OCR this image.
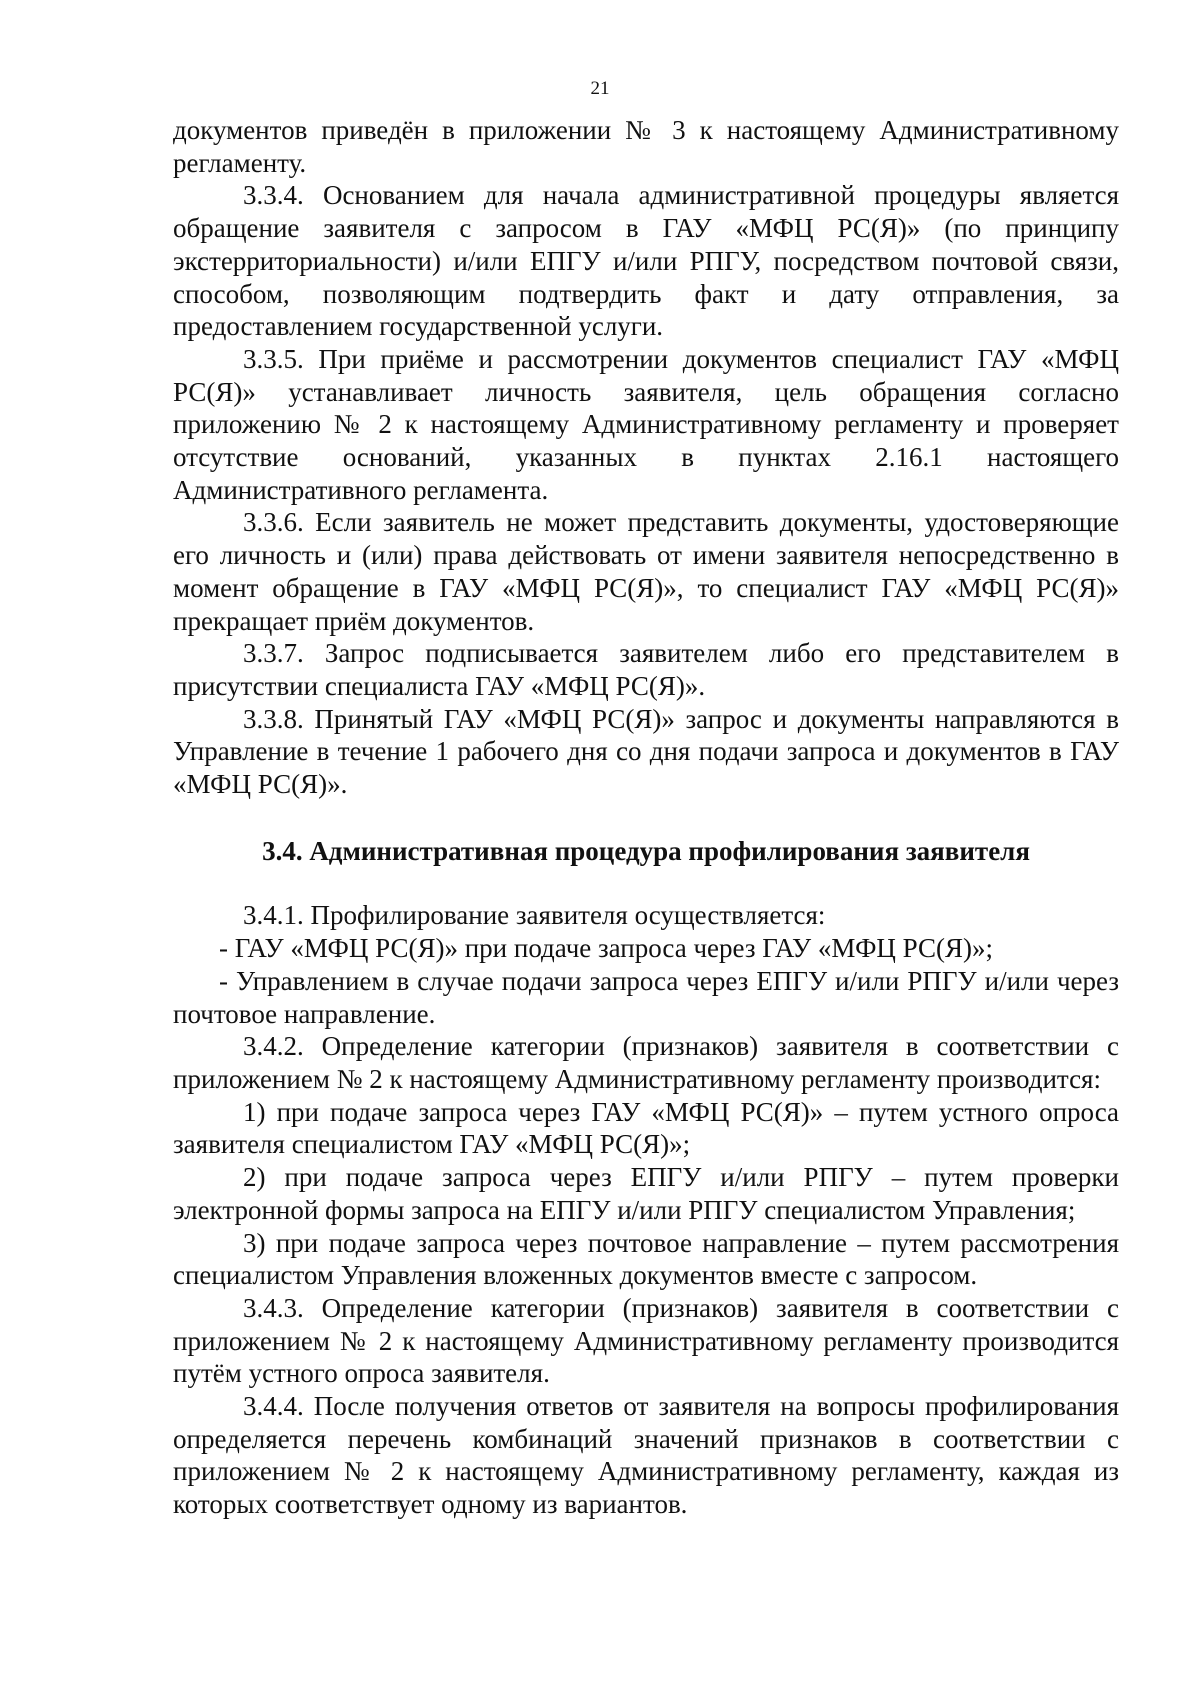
21

документов приведён в приложении № 3 к настоящему Административному регламенту.

3.3.4. Основанием для начала административной процедуры является обращение заявителя с запросом в ГАУ «МФЦ РС(Я)» (по принципу экстерриториальности) и/или ЕПГУ и/или РПГУ, посредством почтовой связи, способом, позволяющим подтвердить факт и дату отправления, за предоставлением государственной услуги.

3.3.5. При приёме и рассмотрении документов специалист ГАУ «МФЦ РС(Я)» устанавливает личность заявителя, цель обращения согласно приложению № 2 к настоящему Административному регламенту и проверяет отсутствие оснований, указанных в пунктах 2.16.1 настоящего Административного регламента.

3.3.6. Если заявитель не может представить документы, удостоверяющие его личность и (или) права действовать от имени заявителя непосредственно в момент обращение в ГАУ «МФЦ РС(Я)», то специалист ГАУ «МФЦ РС(Я)» прекращает приём документов.

3.3.7. Запрос подписывается заявителем либо его представителем в присутствии специалиста ГАУ «МФЦ РС(Я)».

3.3.8. Принятый ГАУ «МФЦ РС(Я)» запрос и документы направляются в Управление в течение 1 рабочего дня со дня подачи запроса и документов в ГАУ «МФЦ РС(Я)».

3.4. Административная процедура профилирования заявителя

3.4.1. Профилирование заявителя осуществляется:

- ГАУ «МФЦ РС(Я)» при подаче запроса через ГАУ «МФЦ РС(Я)»;

- Управлением в случае подачи запроса через ЕПГУ и/или РПГУ и/или через почтовое направление.

3.4.2. Определение категории (признаков) заявителя в соответствии с приложением № 2 к настоящему Административному регламенту производится:

1) при подаче запроса через ГАУ «МФЦ РС(Я)» – путем устного опроса заявителя специалистом ГАУ «МФЦ РС(Я)»;

2) при подаче запроса через ЕПГУ и/или РПГУ – путем проверки электронной формы запроса на ЕПГУ и/или РПГУ специалистом Управления;

3) при подаче запроса через почтовое направление – путем рассмотрения специалистом Управления вложенных документов вместе с запросом.

3.4.3. Определение категории (признаков) заявителя в соответствии с приложением № 2 к настоящему Административному регламенту производится путём устного опроса заявителя.

3.4.4. После получения ответов от заявителя на вопросы профилирования определяется перечень комбинаций значений признаков в соответствии с приложением № 2 к настоящему Административному регламенту, каждая из которых соответствует одному из вариантов.
